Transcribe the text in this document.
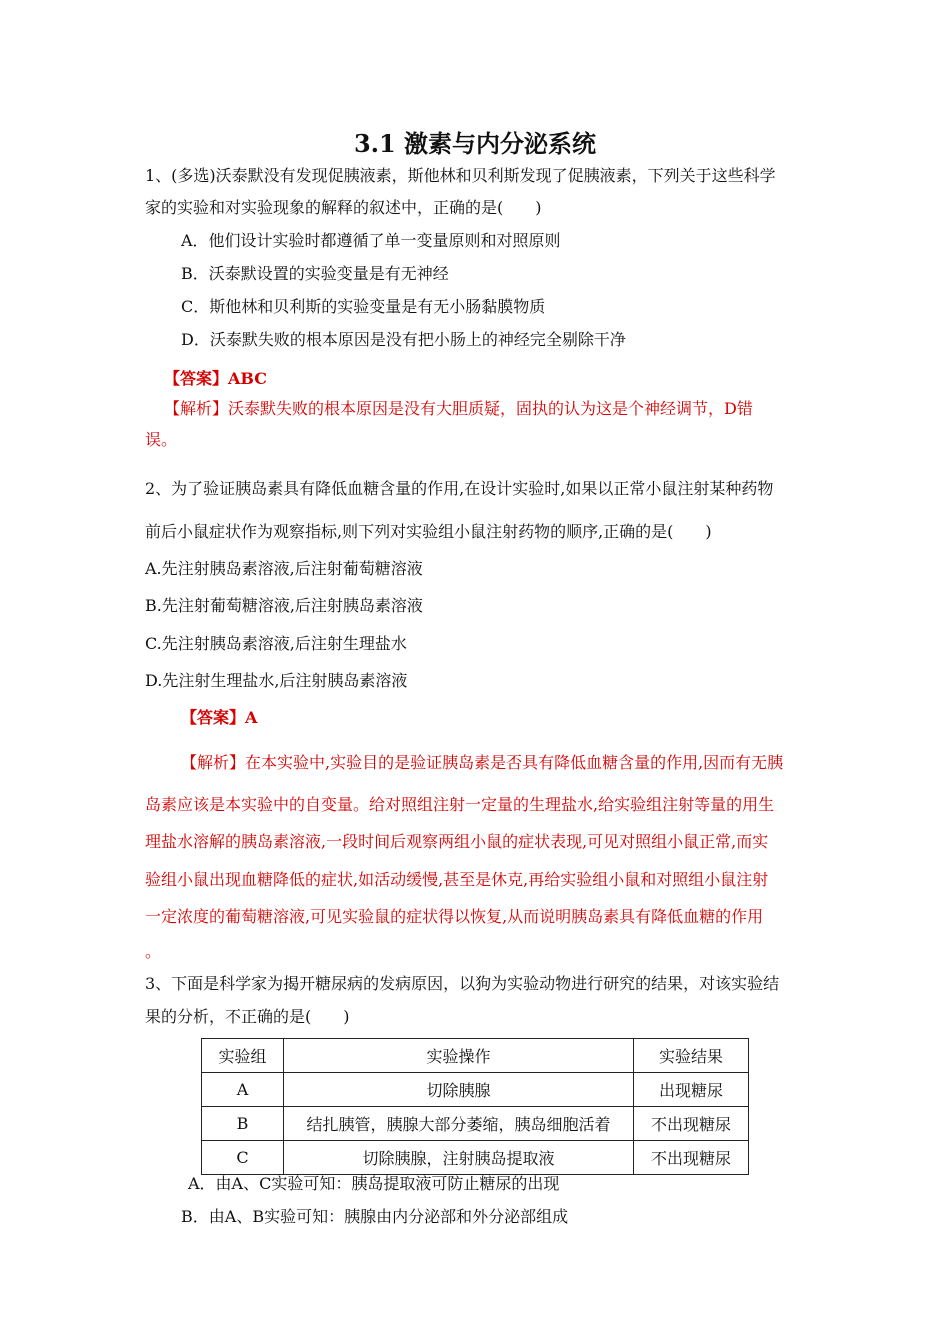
3.1 激素与内分泌系统
1、(多选)沃泰默没有发现促胰液素，斯他林和贝利斯发现了促胰液素，下列关于这些科学
家的实验和对实验现象的解释的叙述中，正确的是(　　)
A．他们设计实验时都遵循了单一变量原则和对照原则
B．沃泰默设置的实验变量是有无神经
C．斯他林和贝利斯的实验变量是有无小肠黏膜物质
D．沃泰默失败的根本原因是没有把小肠上的神经完全剔除干净
【答案】ABC
【解析】沃泰默失败的根本原因是没有大胆质疑，固执的认为这是个神经调节，D错
误。
2、为了验证胰岛素具有降低血糖含量的作用,在设计实验时,如果以正常小鼠注射某种药物
前后小鼠症状作为观察指标,则下列对实验组小鼠注射药物的顺序,正确的是(　　)
A.先注射胰岛素溶液,后注射葡萄糖溶液
B.先注射葡萄糖溶液,后注射胰岛素溶液
C.先注射胰岛素溶液,后注射生理盐水
D.先注射生理盐水,后注射胰岛素溶液
【答案】A
【解析】在本实验中,实验目的是验证胰岛素是否具有降低血糖含量的作用,因而有无胰
岛素应该是本实验中的自变量。给对照组注射一定量的生理盐水,给实验组注射等量的用生
理盐水溶解的胰岛素溶液,一段时间后观察两组小鼠的症状表现,可见对照组小鼠正常,而实
验组小鼠出现血糖降低的症状,如活动缓慢,甚至是休克,再给实验组小鼠和对照组小鼠注射
一定浓度的葡萄糖溶液,可见实验鼠的症状得以恢复,从而说明胰岛素具有降低血糖的作用
。
3、下面是科学家为揭开糖尿病的发病原因，以狗为实验动物进行研究的结果，对该实验结
果的分析，不正确的是(　　)
实验组	实验操作	实验结果
A	切除胰腺	出现糖尿
B	结扎胰管，胰腺大部分萎缩，胰岛细胞活着	不出现糖尿
C	切除胰腺，注射胰岛提取液	不出现糖尿
A．由A、C实验可知：胰岛提取液可防止糖尿的出现
B．由A、B实验可知：胰腺由内分泌部和外分泌部组成
